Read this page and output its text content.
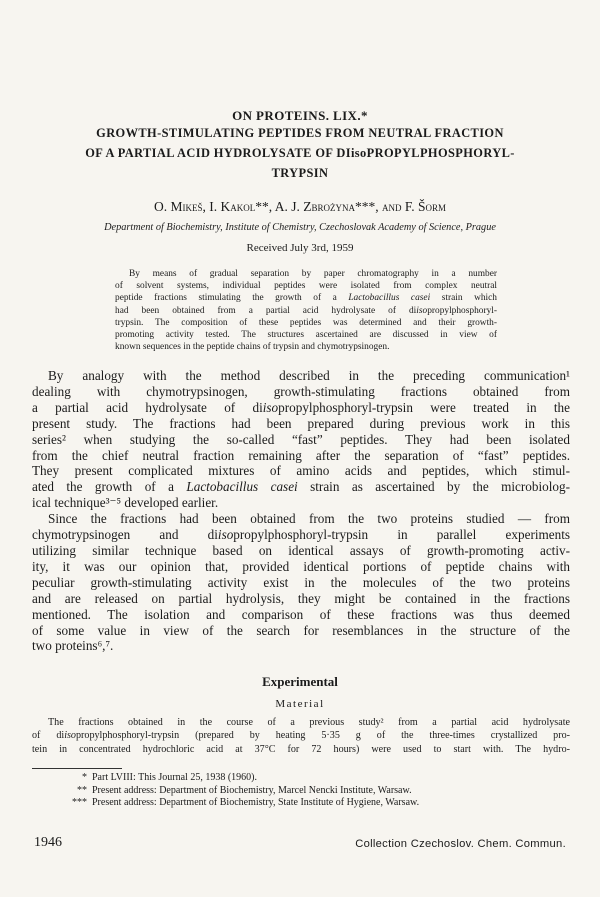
ON PROTEINS. LIX.*

GROWTH-STIMULATING PEPTIDES FROM NEUTRAL FRACTION

OF A PARTIAL ACID HYDROLYSATE OF DIisoPROPYLPHOSPHORYL-

TRYPSIN

O. Mikeš, I. Kakol**, A. J. Zbrożyna***, and F. Šorm

Department of Biochemistry, Institute of Chemistry, Czechoslovak Academy of Science, Prague

Received July 3rd, 1959

By means of gradual separation by paper chromatography in a number
of solvent systems, individual peptides were isolated from complex neutral
peptide fractions stimulating the growth of a Lactobacillus casei strain which
had been obtained from a partial acid hydrolysate of diisopropylphosphoryl-
trypsin. The composition of these peptides was determined and their growth-
promoting activity tested. The structures ascertained are discussed in view of
known sequences in the peptide chains of trypsin and chymotrypsinogen.
By analogy with the method described in the preceding communication¹
dealing with chymotrypsinogen, growth-stimulating fractions obtained from
a partial acid hydrolysate of diisopropylphosphoryl-trypsin were treated in the
present study. The fractions had been prepared during previous work in this
series² when studying the so-called “fast” peptides. They had been isolated
from the chief neutral fraction remaining after the separation of “fast” peptides.
They present complicated mixtures of amino acids and peptides, which stimul-
ated the growth of a Lactobacillus casei strain as ascertained by the microbiolog-
ical technique³⁻⁵ developed earlier.
Since the fractions had been obtained from the two proteins studied — from
chymotrypsinogen and diisopropylphosphoryl-trypsin in parallel experiments
utilizing similar technique based on identical assays of growth-promoting activ-
ity, it was our opinion that, provided identical portions of peptide chains with
peculiar growth-stimulating activity exist in the molecules of the two proteins
and are released on partial hydrolysis, they might be contained in the fractions
mentioned. The isolation and comparison of these fractions was thus deemed
of some value in view of the search for resemblances in the structure of the
two proteins⁶,⁷.

Experimental

Material

The fractions obtained in the course of a previous study² from a partial acid hydrolysate
of diisopropylphosphoryl-trypsin (prepared by heating 5·35 g of the three-times crystallized pro-
tein in concentrated hydrochloric acid at 37°C for 72 hours) were used to start with. The hydro-
* Part LVIII: This Journal 25, 1938 (1960).
** Present address: Department of Biochemistry, Marcel Nencki Institute, Warsaw.
*** Present address: Department of Biochemistry, State Institute of Hygiene, Warsaw.

1946	Collection Czechoslov. Chem. Commun.
